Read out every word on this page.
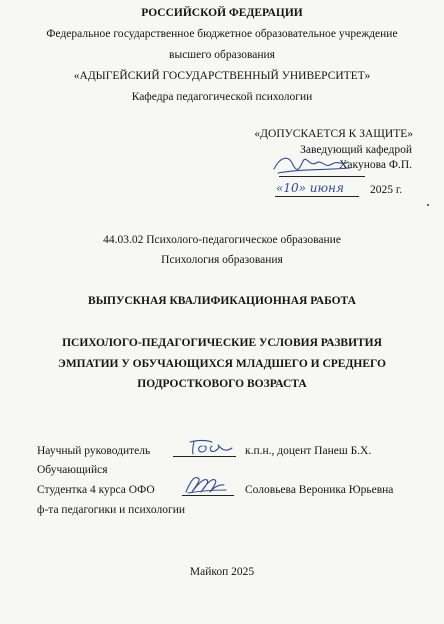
РОССИЙСКОЙ ФЕДЕРАЦИИ
Федеральное государственное бюджетное образовательное учреждение
высшего образования
«АДЫГЕЙСКИЙ ГОСУДАРСТВЕННЫЙ УНИВЕРСИТЕТ»
Кафедра педагогической психологии
«ДОПУСКАЕТСЯ К ЗАЩИТЕ»
Заведующий кафедрой
Хакунова Ф.П.
«10» июня 2025 г.
44.03.02 Психолого-педагогическое образование
Психология образования
ВЫПУСКНАЯ КВАЛИФИКАЦИОННАЯ РАБОТА
ПСИХОЛОГО-ПЕДАГОГИЧЕСКИЕ УСЛОВИЯ РАЗВИТИЯ
ЭМПАТИИ У ОБУЧАЮЩИХСЯ МЛАДШЕГО И СРЕДНЕГО
ПОДРОСТКОВОГО ВОЗРАСТА
Научный руководитель	к.п.н., доцент Панеш Б.Х.
Обучающийся
Студентка 4 курса ОФО	Соловьева Вероника Юрьевна
ф-та педагогики и психологии
Майкоп 2025
